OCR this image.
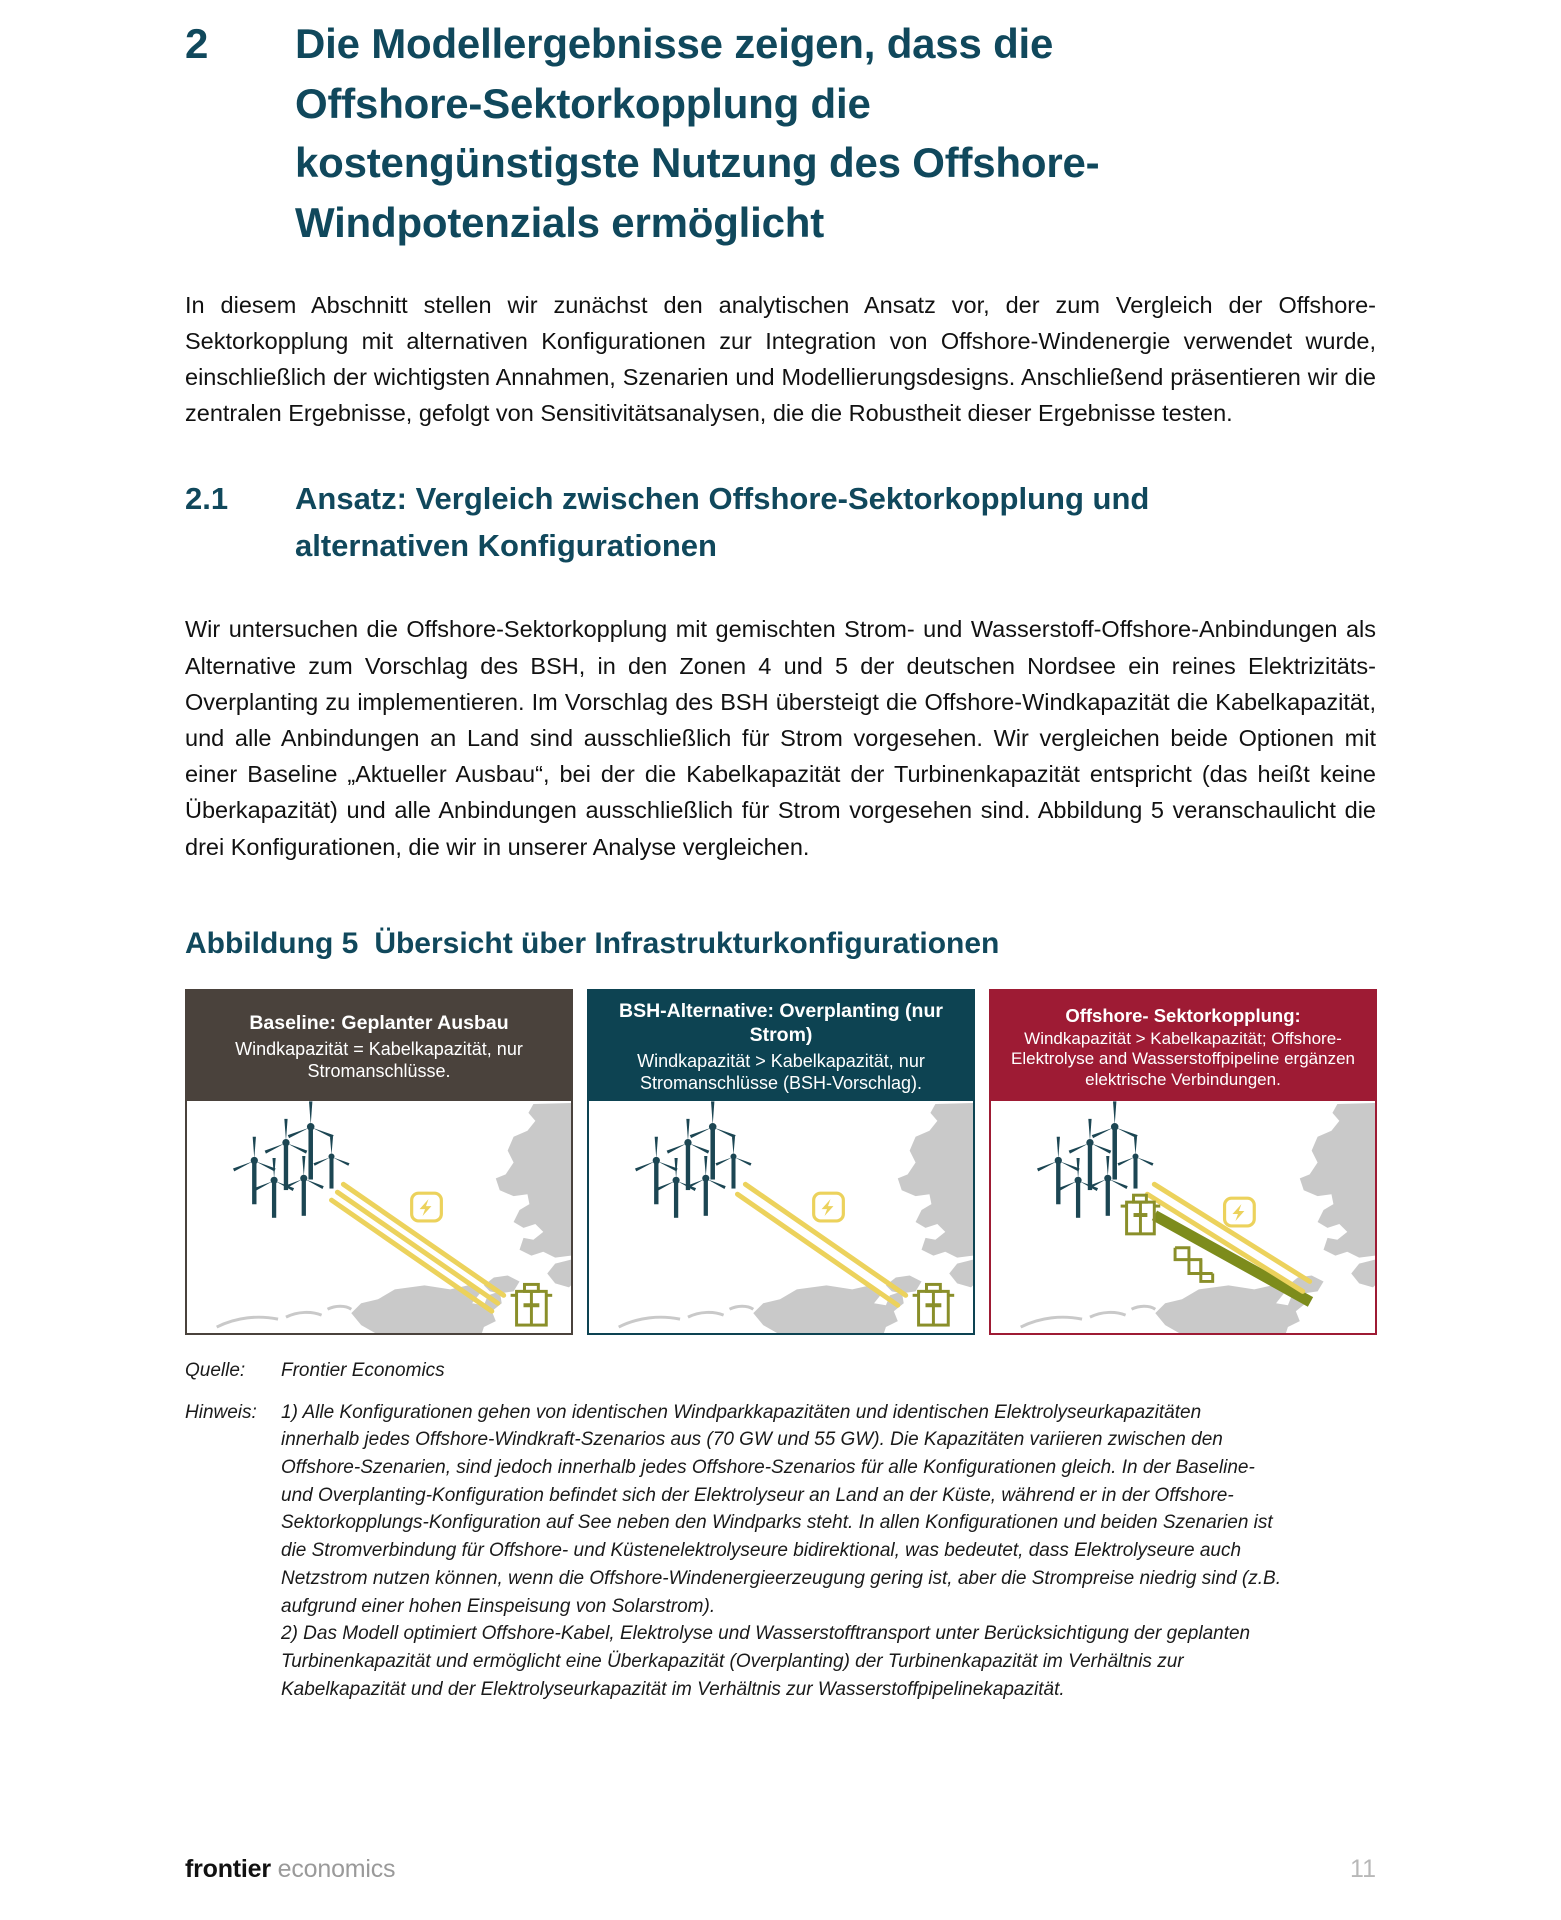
2	Die Modellergebnisse zeigen, dass die Offshore-Sektorkopplung die kostengünstigste Nutzung des Offshore-Windpotenzials ermöglicht

In diesem Abschnitt stellen wir zunächst den analytischen Ansatz vor, der zum Vergleich der Offshore-Sektorkopplung mit alternativen Konfigurationen zur Integration von Offshore-Windenergie verwendet wurde, einschließlich der wichtigsten Annahmen, Szenarien und Modellierungsdesigns. Anschließend präsentieren wir die zentralen Ergebnisse, gefolgt von Sensitivitätsanalysen, die die Robustheit dieser Ergebnisse testen.

2.1	Ansatz: Vergleich zwischen Offshore-Sektorkopplung und alternativen Konfigurationen

Wir untersuchen die Offshore-Sektorkopplung mit gemischten Strom- und Wasserstoff-Offshore-Anbindungen als Alternative zum Vorschlag des BSH, in den Zonen 4 und 5 der deutschen Nordsee ein reines Elektrizitäts-Overplanting zu implementieren. Im Vorschlag des BSH übersteigt die Offshore-Windkapazität die Kabelkapazität, und alle Anbindungen an Land sind ausschließlich für Strom vorgesehen. Wir vergleichen beide Optionen mit einer Baseline „Aktueller Ausbau“, bei der die Kabelkapazität der Turbinenkapazität entspricht (das heißt keine Überkapazität) und alle Anbindungen ausschließlich für Strom vorgesehen sind. Abbildung 5 veranschaulicht die drei Konfigurationen, die wir in unserer Analyse vergleichen.

Abbildung 5 Übersicht über Infrastrukturkonfigurationen
Baseline: Geplanter Ausbau
Windkapazität = Kabelkapazität, nur Stromanschlüsse.
BSH-Alternative: Overplanting (nur Strom)
Windkapazität > Kabelkapazität, nur Stromanschlüsse (BSH-Vorschlag).
Offshore- Sektorkopplung:
Windkapazität > Kabelkapazität; Offshore-Elektrolyse and Wasserstoffpipeline ergänzen elektrische Verbindungen.
Quelle:	Frontier Economics
Hinweis:	1) Alle Konfigurationen gehen von identischen Windparkkapazitäten und identischen Elektrolyseurkapazitäten innerhalb jedes Offshore-Windkraft-Szenarios aus (70 GW und 55 GW). Die Kapazitäten variieren zwischen den Offshore-Szenarien, sind jedoch innerhalb jedes Offshore-Szenarios für alle Konfigurationen gleich. In der Baseline- und Overplanting-Konfiguration befindet sich der Elektrolyseur an Land an der Küste, während er in der Offshore-Sektorkopplungs-Konfiguration auf See neben den Windparks steht. In allen Konfigurationen und beiden Szenarien ist die Stromverbindung für Offshore- und Küstenelektrolyseure bidirektional, was bedeutet, dass Elektrolyseure auch Netzstrom nutzen können, wenn die Offshore-Windenergieerzeugung gering ist, aber die Strompreise niedrig sind (z.B. aufgrund einer hohen Einspeisung von Solarstrom).

2) Das Modell optimiert Offshore-Kabel, Elektrolyse und Wasserstofftransport unter Berücksichtigung der geplanten Turbinenkapazität und ermöglicht eine Überkapazität (Overplanting) der Turbinenkapazität im Verhältnis zur Kabelkapazität und der Elektrolyseurkapazität im Verhältnis zur Wasserstoffpipelinekapazität.

frontier economics	11
